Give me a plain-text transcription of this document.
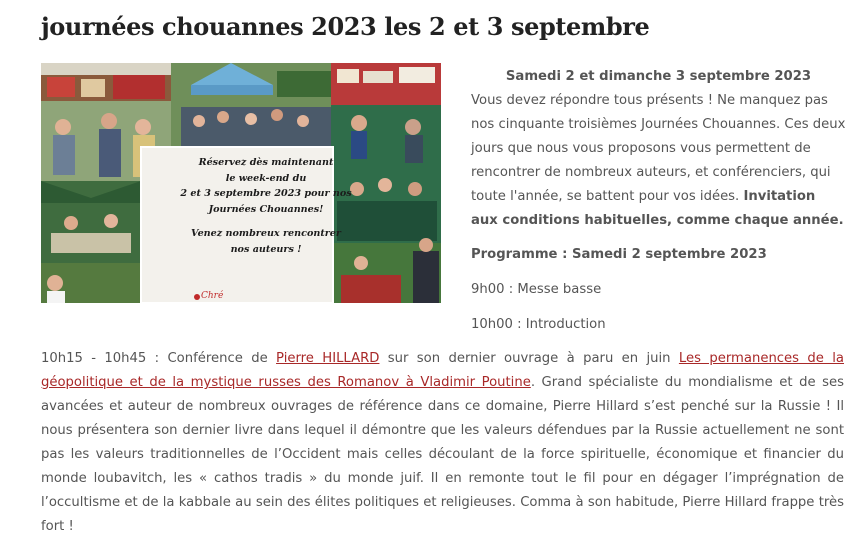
journées chouannes 2023 les 2 et 3 septembre

Réservez dès maintenant

le week-end du

2 et 3 septembre 2023 pour nos

Journées Chouannes!

Venez nombreux rencontrer

nos auteurs !

Chré

Samedi 2 et dimanche 3 septembre 2023

Vous devez répondre tous présents ! Ne manquez pas nos cinquante troisièmes Journées Chouannes. Ces deux jours que nous vous proposons vous permettent de rencontrer de nombreux auteurs, et conférenciers, qui toute l'année, se battent pour vos idées. Invitation aux conditions habituelles, comme chaque année.

Programme : Samedi 2 septembre 2023

9h00 : Messe basse

10h00 : Introduction

10h15 - 10h45 : Conférence de Pierre HILLARD sur son dernier ouvrage à paru en juin Les permanences de la géopolitique et de la mystique russes des Romanov à Vladimir Poutine. Grand spécialiste du mondialisme et de ses avancées et auteur de nombreux ouvrages de référence dans ce domaine, Pierre Hillard s’est penché sur la Russie ! Il nous présentera son dernier livre dans lequel il démontre que les valeurs défendues par la Russie actuellement ne sont pas les valeurs traditionnelles de l’Occident mais celles découlant de la force spirituelle, économique et financier du monde loubavitch, les « cathos tradis » du monde juif. Il en remonte tout le fil pour en dégager l’imprégnation de l’occultisme et de la kabbale au sein des élites politiques et religieuses. Comma à son habitude, Pierre Hillard frappe très fort !
